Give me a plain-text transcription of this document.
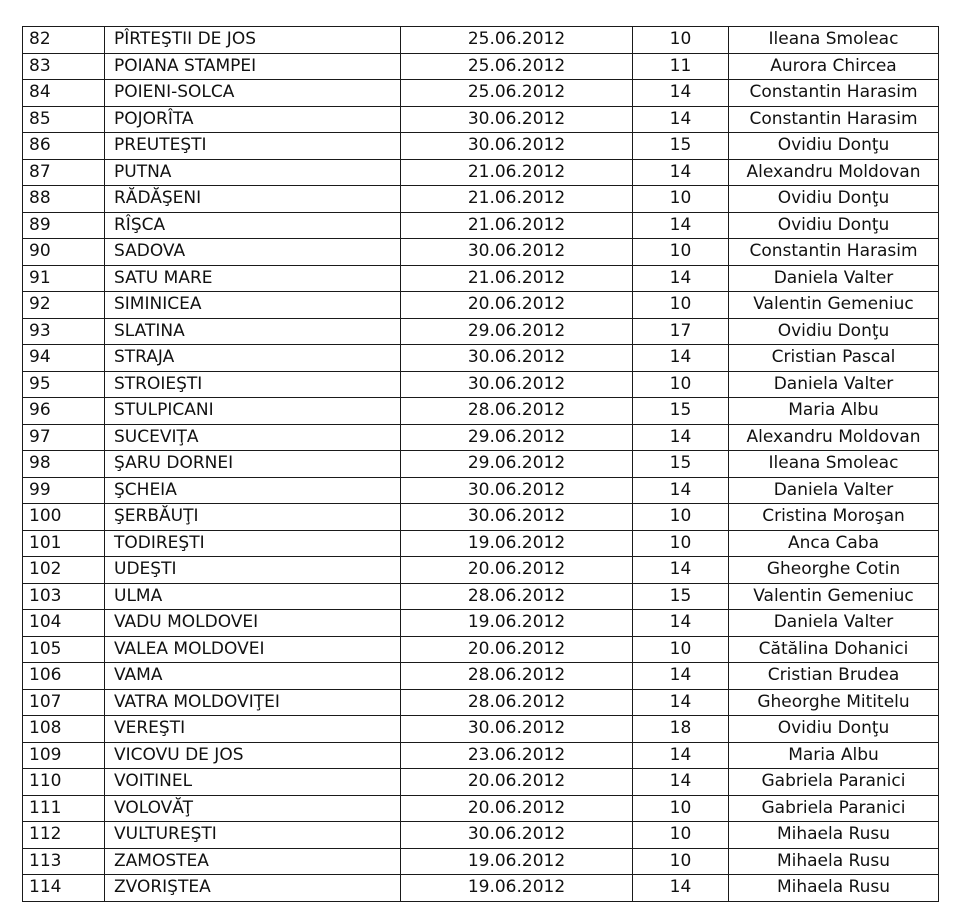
82	PÎRTEŞTII DE JOS	25.06.2012	10	Ileana Smoleac
83	POIANA STAMPEI	25.06.2012	11	Aurora Chircea
84	POIENI-SOLCA	25.06.2012	14	Constantin Harasim
85	POJORÎTA	30.06.2012	14	Constantin Harasim
86	PREUTEŞTI	30.06.2012	15	Ovidiu Donţu
87	PUTNA	21.06.2012	14	Alexandru Moldovan
88	RĂDĂŞENI	21.06.2012	10	Ovidiu Donţu
89	RÎŞCA	21.06.2012	14	Ovidiu Donţu
90	SADOVA	30.06.2012	10	Constantin Harasim
91	SATU MARE	21.06.2012	14	Daniela Valter
92	SIMINICEA	20.06.2012	10	Valentin Gemeniuc
93	SLATINA	29.06.2012	17	Ovidiu Donţu
94	STRAJA	30.06.2012	14	Cristian Pascal
95	STROIEŞTI	30.06.2012	10	Daniela Valter
96	STULPICANI	28.06.2012	15	Maria Albu
97	SUCEVIŢA	29.06.2012	14	Alexandru Moldovan
98	ŞARU DORNEI	29.06.2012	15	Ileana Smoleac
99	ŞCHEIA	30.06.2012	14	Daniela Valter
100	ŞERBĂUŢI	30.06.2012	10	Cristina Moroşan
101	TODIREŞTI	19.06.2012	10	Anca Caba
102	UDEŞTI	20.06.2012	14	Gheorghe Cotin
103	ULMA	28.06.2012	15	Valentin Gemeniuc
104	VADU MOLDOVEI	19.06.2012	14	Daniela Valter
105	VALEA MOLDOVEI	20.06.2012	10	Cătălina Dohanici
106	VAMA	28.06.2012	14	Cristian Brudea
107	VATRA MOLDOVIŢEI	28.06.2012	14	Gheorghe Mititelu
108	VEREŞTI	30.06.2012	18	Ovidiu Donţu
109	VICOVU DE JOS	23.06.2012	14	Maria Albu
110	VOITINEL	20.06.2012	14	Gabriela Paranici
111	VOLOVĂŢ	20.06.2012	10	Gabriela Paranici
112	VULTUREŞTI	30.06.2012	10	Mihaela Rusu
113	ZAMOSTEA	19.06.2012	10	Mihaela Rusu
114	ZVORIŞTEA	19.06.2012	14	Mihaela Rusu
